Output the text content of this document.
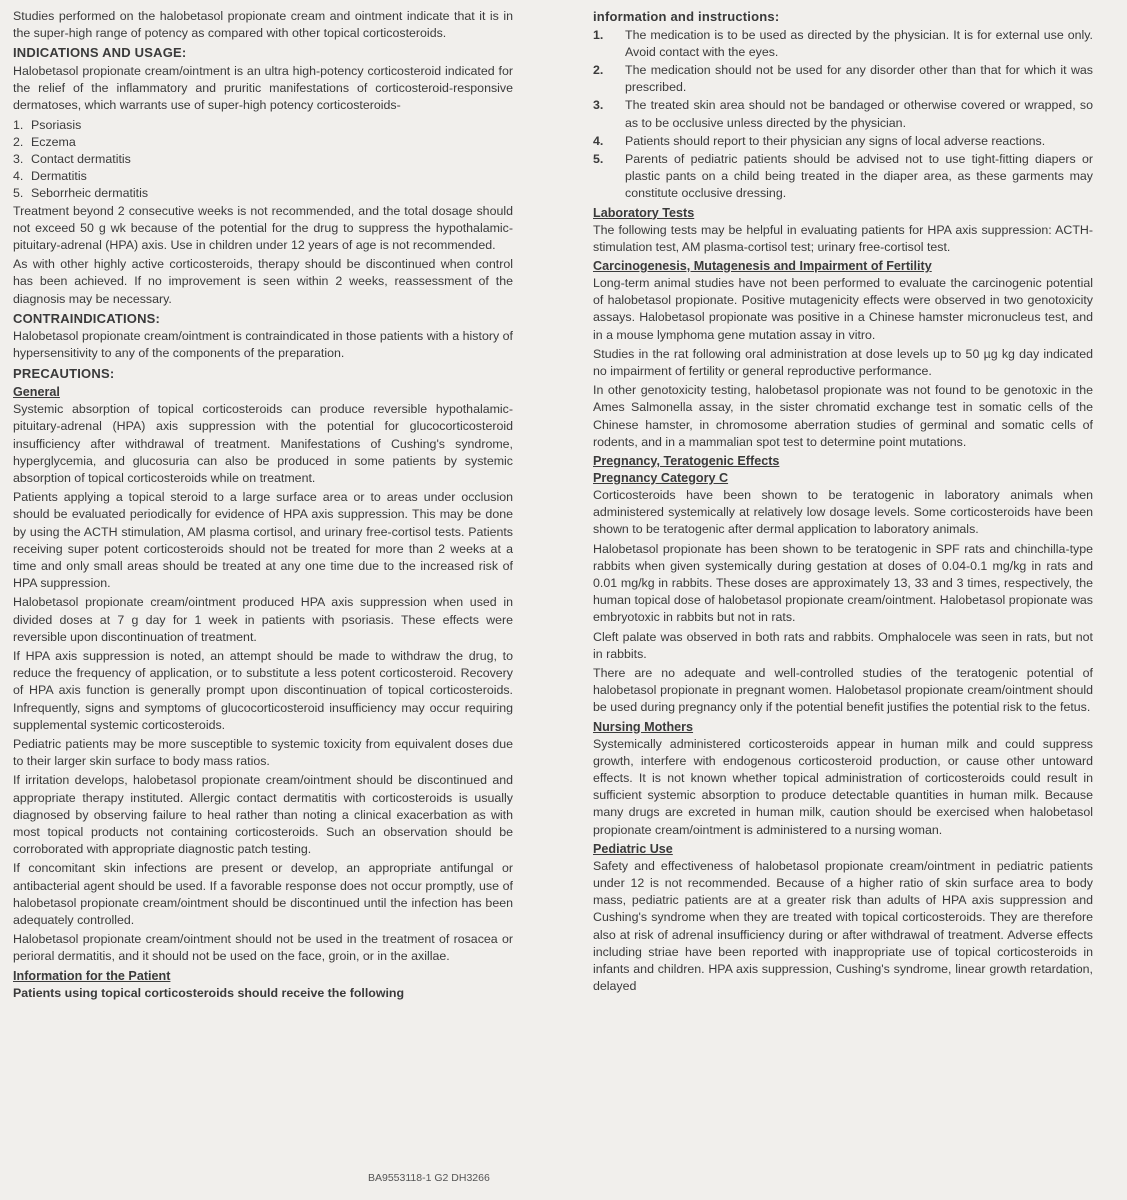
Studies performed on the halobetasol propionate cream and ointment indicate that it is in the super-high range of potency as compared with other topical corticosteroids.

INDICATIONS AND USAGE:

Halobetasol propionate cream/ointment is an ultra high-potency corticosteroid indicated for the relief of the inflammatory and pruritic manifestations of corticosteroid-responsive dermatoses, which warrants use of super-high potency corticosteroids-

1. Psoriasis
2. Eczema
3. Contact dermatitis
4. Dermatitis
5. Seborrheic dermatitis

Treatment beyond 2 consecutive weeks is not recommended, and the total dosage should not exceed 50 g wk because of the potential for the drug to suppress the hypothalamic-pituitary-adrenal (HPA) axis. Use in children under 12 years of age is not recommended.

As with other highly active corticosteroids, therapy should be discontinued when control has been achieved. If no improvement is seen within 2 weeks, reassessment of the diagnosis may be necessary.

CONTRAINDICATIONS:

Halobetasol propionate cream/ointment is contraindicated in those patients with a history of hypersensitivity to any of the components of the preparation.

PRECAUTIONS:
General

Systemic absorption of topical corticosteroids can produce reversible hypothalamic-pituitary-adrenal (HPA) axis suppression with the potential for glucocorticosteroid insufficiency after withdrawal of treatment. Manifestations of Cushing's syndrome, hyperglycemia, and glucosuria can also be produced in some patients by systemic absorption of topical corticosteroids while on treatment.

Patients applying a topical steroid to a large surface area or to areas under occlusion should be evaluated periodically for evidence of HPA axis suppression. This may be done by using the ACTH stimulation, AM plasma cortisol, and urinary free-cortisol tests. Patients receiving super potent corticosteroids should not be treated for more than 2 weeks at a time and only small areas should be treated at any one time due to the increased risk of HPA suppression.

Halobetasol propionate cream/ointment produced HPA axis suppression when used in divided doses at 7 g day for 1 week in patients with psoriasis. These effects were reversible upon discontinuation of treatment.

If HPA axis suppression is noted, an attempt should be made to withdraw the drug, to reduce the frequency of application, or to substitute a less potent corticosteroid. Recovery of HPA axis function is generally prompt upon discontinuation of topical corticosteroids. Infrequently, signs and symptoms of glucocorticosteroid insufficiency may occur requiring supplemental systemic corticosteroids.

Pediatric patients may be more susceptible to systemic toxicity from equivalent doses due to their larger skin surface to body mass ratios.

If irritation develops, halobetasol propionate cream/ointment should be discontinued and appropriate therapy instituted. Allergic contact dermatitis with corticosteroids is usually diagnosed by observing failure to heal rather than noting a clinical exacerbation as with most topical products not containing corticosteroids. Such an observation should be corroborated with appropriate diagnostic patch testing.

If concomitant skin infections are present or develop, an appropriate antifungal or antibacterial agent should be used. If a favorable response does not occur promptly, use of halobetasol propionate cream/ointment should be discontinued until the infection has been adequately controlled.

Halobetasol propionate cream/ointment should not be used in the treatment of rosacea or perioral dermatitis, and it should not be used on the face, groin, or in the axillae.

Information for the Patient

Patients using topical corticosteroids should receive the following

information and instructions:
1.	The medication is to be used as directed by the physician. It is for external use only. Avoid contact with the eyes.
2.	The medication should not be used for any disorder other than that for which it was prescribed.
3.	The treated skin area should not be bandaged or otherwise covered or wrapped, so as to be occlusive unless directed by the physician.
4.	Patients should report to their physician any signs of local adverse reactions.
5.	Parents of pediatric patients should be advised not to use tight-fitting diapers or plastic pants on a child being treated in the diaper area, as these garments may constitute occlusive dressing.
Laboratory Tests

The following tests may be helpful in evaluating patients for HPA axis suppression: ACTH-stimulation test, AM plasma-cortisol test; urinary free-cortisol test.

Carcinogenesis, Mutagenesis and Impairment of Fertility

Long-term animal studies have not been performed to evaluate the carcinogenic potential of halobetasol propionate. Positive mutagenicity effects were observed in two genotoxicity assays. Halobetasol propionate was positive in a Chinese hamster micronucleus test, and in a mouse lymphoma gene mutation assay in vitro.

Studies in the rat following oral administration at dose levels up to 50 µg kg day indicated no impairment of fertility or general reproductive performance.

In other genotoxicity testing, halobetasol propionate was not found to be genotoxic in the Ames Salmonella assay, in the sister chromatid exchange test in somatic cells of the Chinese hamster, in chromosome aberration studies of germinal and somatic cells of rodents, and in a mammalian spot test to determine point mutations.

Pregnancy, Teratogenic Effects
Pregnancy Category C

Corticosteroids have been shown to be teratogenic in laboratory animals when administered systemically at relatively low dosage levels. Some corticosteroids have been shown to be teratogenic after dermal application to laboratory animals.

Halobetasol propionate has been shown to be teratogenic in SPF rats and chinchilla-type rabbits when given systemically during gestation at doses of 0.04-0.1 mg/kg in rats and 0.01 mg/kg in rabbits. These doses are approximately 13, 33 and 3 times, respectively, the human topical dose of halobetasol propionate cream/ointment. Halobetasol propionate was embryotoxic in rabbits but not in rats.

Cleft palate was observed in both rats and rabbits. Omphalocele was seen in rats, but not in rabbits.

There are no adequate and well-controlled studies of the teratogenic potential of halobetasol propionate in pregnant women. Halobetasol propionate cream/ointment should be used during pregnancy only if the potential benefit justifies the potential risk to the fetus.

Nursing Mothers

Systemically administered corticosteroids appear in human milk and could suppress growth, interfere with endogenous corticosteroid production, or cause other untoward effects. It is not known whether topical administration of corticosteroids could result in sufficient systemic absorption to produce detectable quantities in human milk. Because many drugs are excreted in human milk, caution should be exercised when halobetasol propionate cream/ointment is administered to a nursing woman.

Pediatric Use

Safety and effectiveness of halobetasol propionate cream/ointment in pediatric patients under 12 is not recommended. Because of a higher ratio of skin surface area to body mass, pediatric patients are at a greater risk than adults of HPA axis suppression and Cushing's syndrome when they are treated with topical corticosteroids. They are therefore also at risk of adrenal insufficiency during or after withdrawal of treatment. Adverse effects including striae have been reported with inappropriate use of topical corticosteroids in infants and children. HPA axis suppression, Cushing's syndrome, linear growth retardation, delayed

BA9553118-1 G2 DH3266
